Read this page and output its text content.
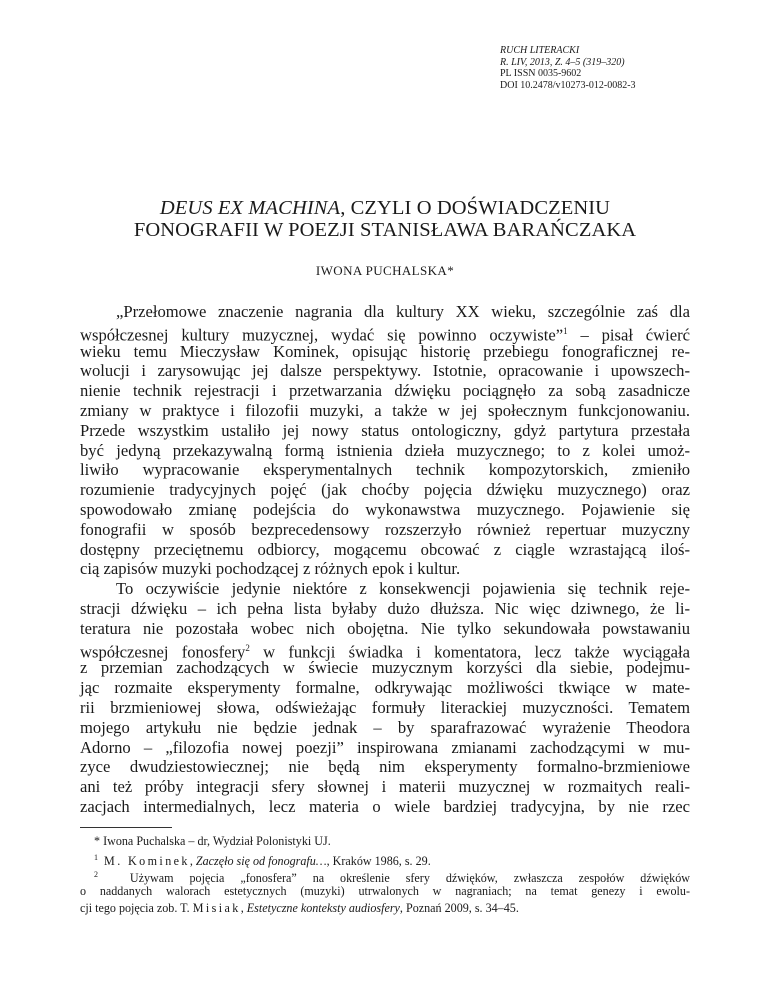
RUCH LITERACKI
R. LIV, 2013, Z. 4–5 (319–320)
PL ISSN 0035-9602
DOI 10.2478/v10273-012-0082-3
DEUS EX MACHINA, CZYLI O DOŚWIADCZENIU
FONOGRAFII W POEZJI STANISŁAWA BARAŃCZAKA
IWONA PUCHALSKA*
„Przełomowe znaczenie nagrania dla kultury XX wieku, szczególnie zaś dla
współczesnej kultury muzycznej, wydać się powinno oczywiste”$^1$ – pisał ćwierć
wieku temu Mieczysław Kominek, opisując historię przebiegu fonograficznej re-
wolucji i zarysowując jej dalsze perspektywy. Istotnie, opracowanie i upowszech-
nienie technik rejestracji i przetwarzania dźwięku pociągnęło za sobą zasadnicze
zmiany w praktyce i filozofii muzyki, a także w jej społecznym funkcjonowaniu.
Przede wszystkim ustaliło jej nowy status ontologiczny, gdyż partytura przestała
być jedyną przekazywalną formą istnienia dzieła muzycznego; to z kolei umoż-
liwiło wypracowanie eksperymentalnych technik kompozytorskich, zmieniło
rozumienie tradycyjnych pojęć (jak choćby pojęcia dźwięku muzycznego) oraz
spowodowało zmianę podejścia do wykonawstwa muzycznego. Pojawienie się
fonografii w sposób bezprecedensowy rozszerzyło również repertuar muzyczny
dostępny przeciętnemu odbiorcy, mogącemu obcować z ciągle wzrastającą iloś-
cią zapisów muzyki pochodzącej z różnych epok i kultur.
To oczywiście jedynie niektóre z konsekwencji pojawienia się technik reje-
stracji dźwięku – ich pełna lista byłaby dużo dłuższa. Nic więc dziwnego, że li-
teratura nie pozostała wobec nich obojętna. Nie tylko sekundowała powstawaniu
współczesnej fonosfery$^2$ w funkcji świadka i komentatora, lecz także wyciągała
z przemian zachodzących w świecie muzycznym korzyści dla siebie, podejmu-
jąc rozmaite eksperymenty formalne, odkrywając możliwości tkwiące w mate-
rii brzmieniowej słowa, odświeżając formuły literackiej muzyczności. Tematem
mojego artykułu nie będzie jednak – by sparafrazować wyrażenie Theodora
Adorno – „filozofia nowej poezji” inspirowana zmianami zachodzącymi w mu-
zyce dwudziestowiecznej; nie będą nim eksperymenty formalno-brzmieniowe
ani też próby integracji sfery słownej i materii muzycznej w rozmaitych reali-
zacjach intermedialnych, lecz materia o wiele bardziej tradycyjna, by nie rzec
* Iwona Puchalska – dr, Wydział Polonistyki UJ.
$^1$ M. Kominek, Zaczęło się od fonografu…, Kraków 1986, s. 29.
$^2$	Używam pojęcia „fonosfera” na określenie sfery dźwięków, zwłaszcza zespołów dźwięków
o naddanych walorach estetycznych (muzyki) utrwalonych w nagraniach; na temat genezy i ewolu-
cji tego pojęcia zob. T. Misiak, Estetyczne konteksty audiosfery, Poznań 2009, s. 34–45.
